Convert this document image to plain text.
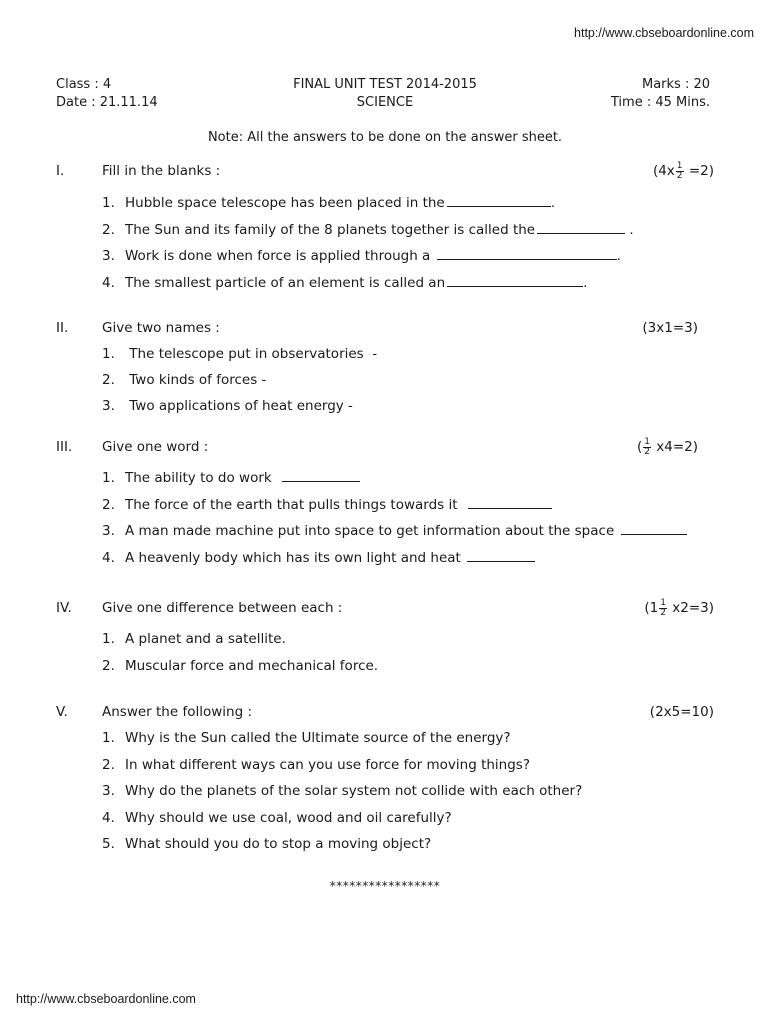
http://www.cbseboardonline.com
Class : 4
Date : 21.11.14
FINAL UNIT TEST 2014-2015
SCIENCE
Marks : 20
Time : 45 Mins.
Note: All the answers to be done on the answer sheet.
I.	Fill in the blanks :	$(4x \frac{1}{2} =2)$
1. Hubble space telescope has been placed in the	.
2. The Sun and its family of the 8 planets together is called the	.
3. Work is done when force is applied through a	.
4. The smallest particle of an element is called an	.
II. Give two names :	(3x1=3)
1. The telescope put in observatories  -
2. Two kinds of forces -
3. Two applications of heat energy -
III. Give one word :	( $\frac{1}{2} x4=2$)
1. The ability to do work
2. The force of the earth that pulls things towards it
3. A man made machine put into space to get information about the space
4. A heavenly body which has its own light and heat
IV. Give one difference between each :	$(1 \frac{1}{2} x2=3)$
1. A planet and a satellite.
2. Muscular force and mechanical force.
V.	Answer the following :	(2x5=10)
1. Why is the Sun called the Ultimate source of the energy?
2. In what different ways can you use force for moving things?
3. Why do the planets of the solar system not collide with each other?
4. Why should we use coal, wood and oil carefully?
5. What should you do to stop a moving object?
*****************
http://www.cbseboardonline.com
